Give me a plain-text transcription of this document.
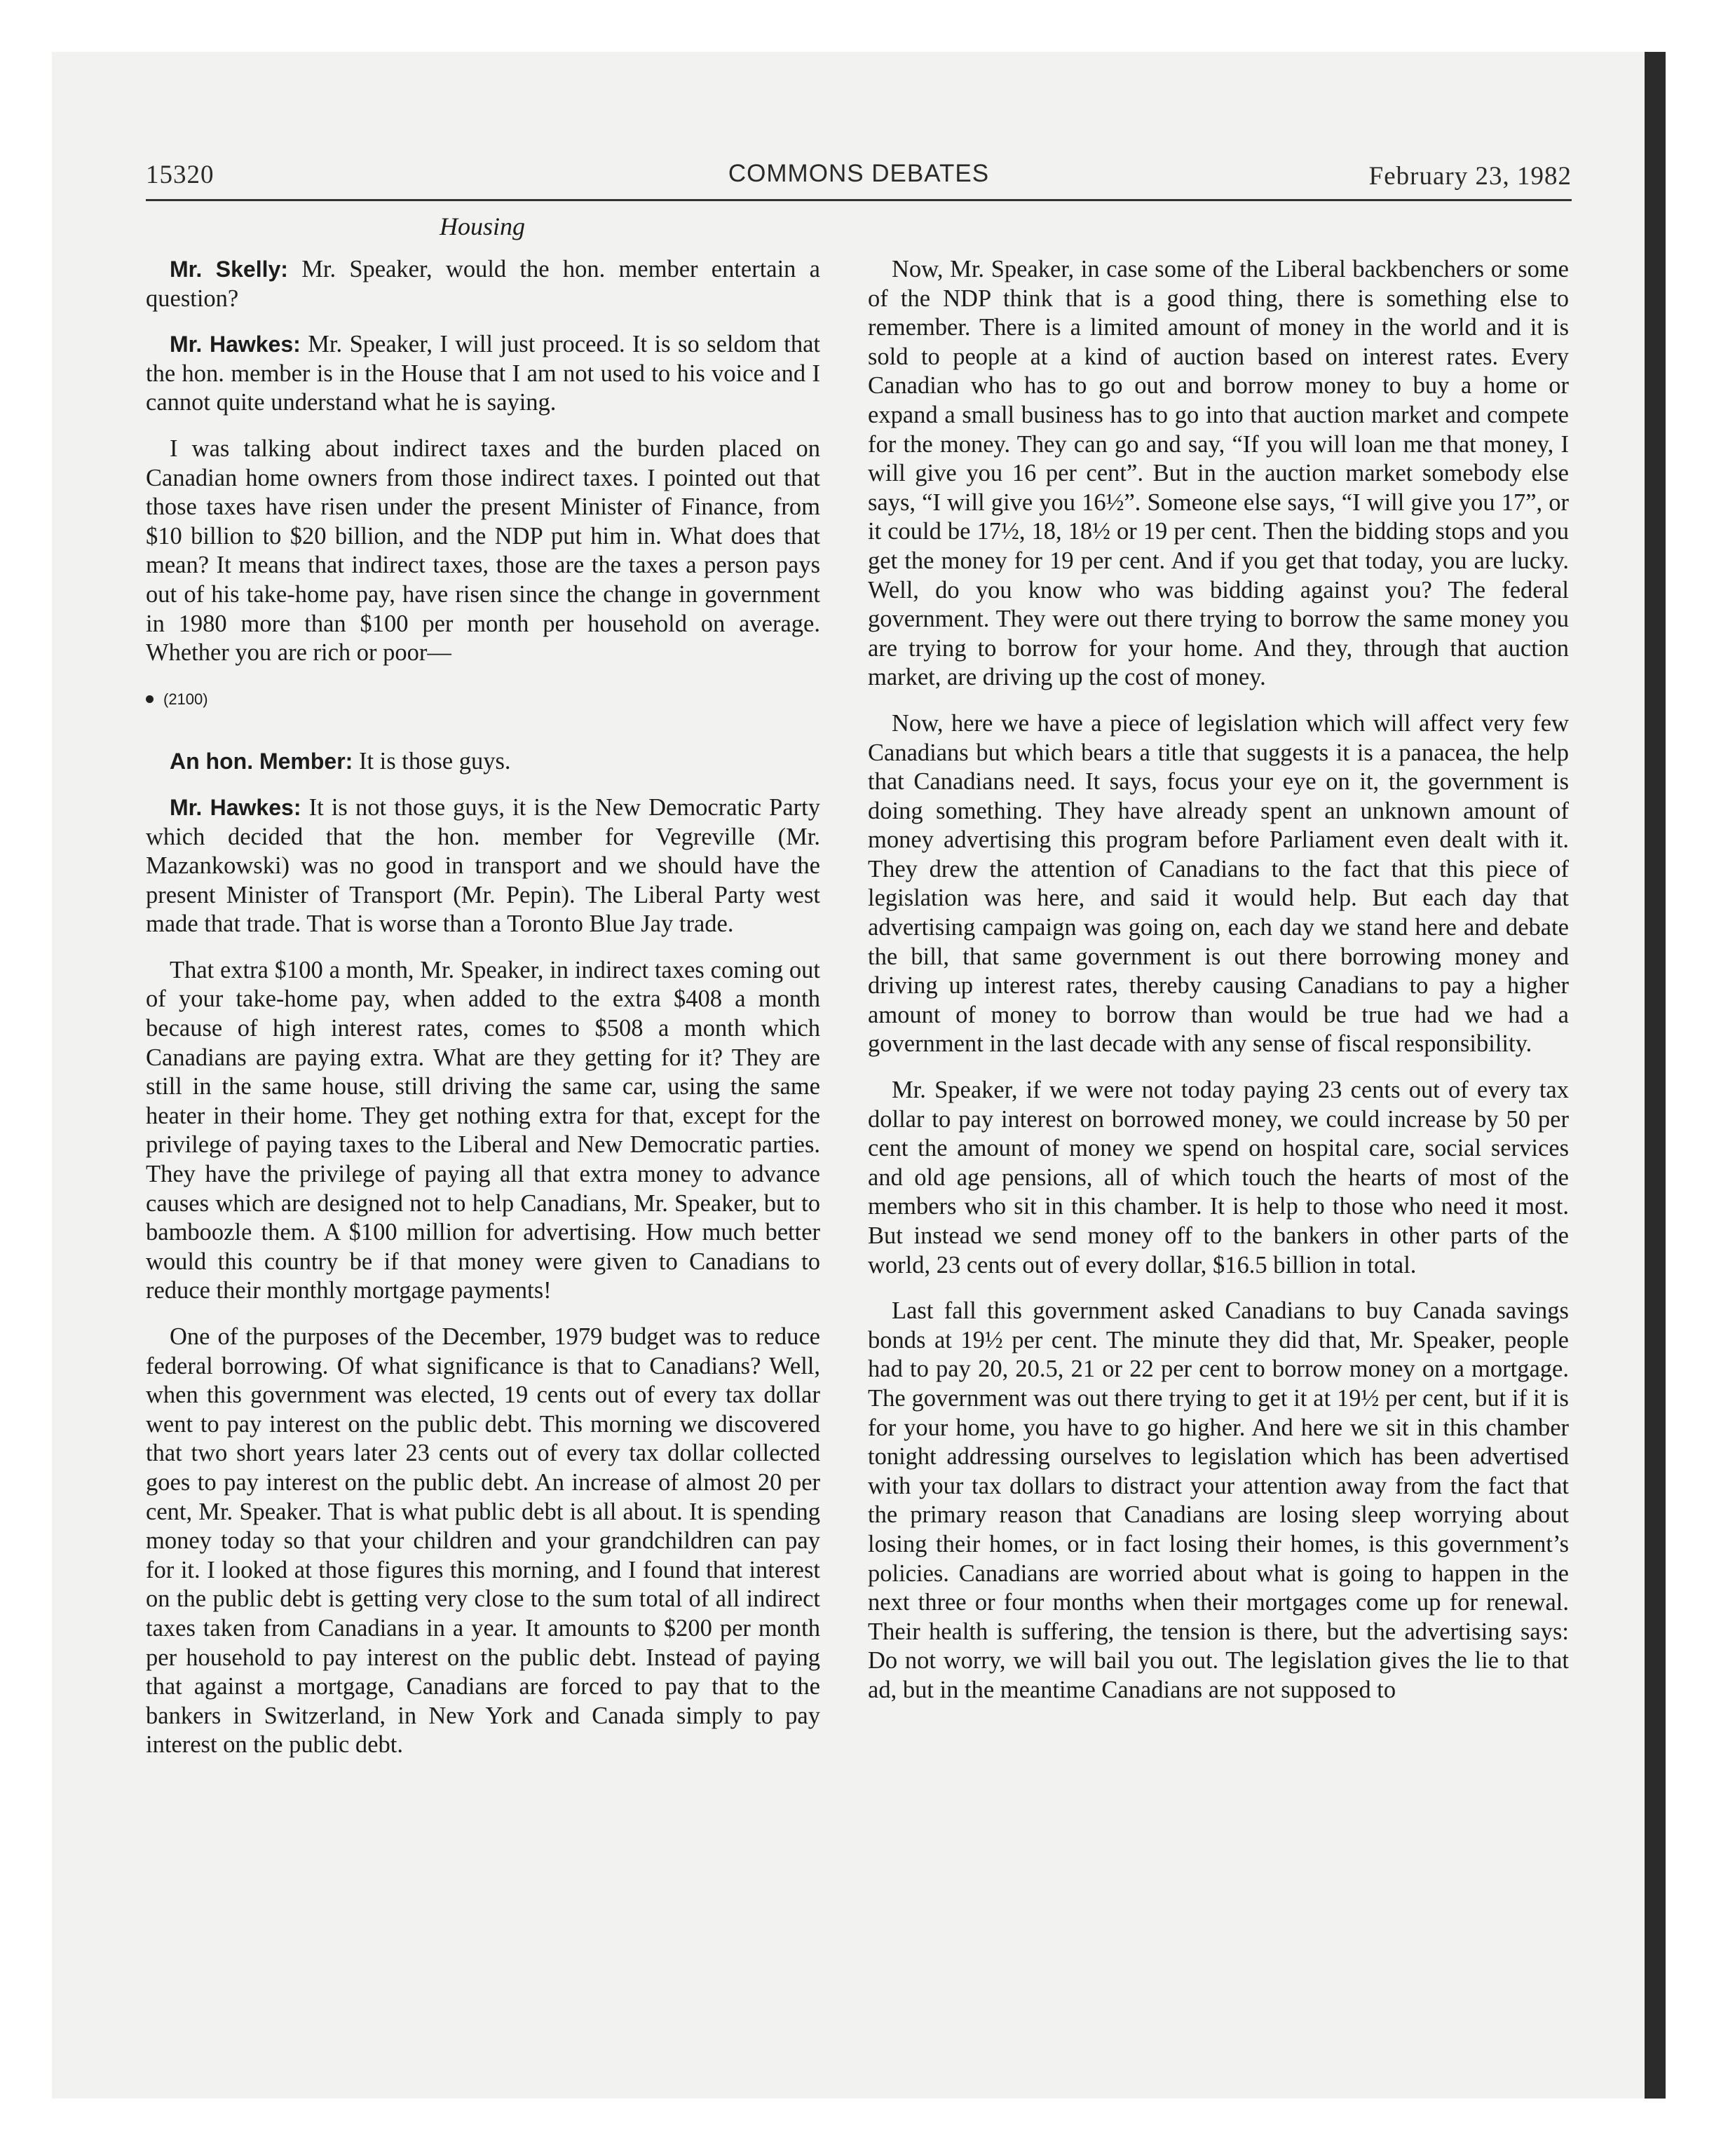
15320	COMMONS DEBATES	February 23, 1982
Housing

Mr. Skelly: Mr. Speaker, would the hon. member entertain a question?

Mr. Hawkes: Mr. Speaker, I will just proceed. It is so seldom that the hon. member is in the House that I am not used to his voice and I cannot quite understand what he is saying.

I was talking about indirect taxes and the burden placed on Canadian home owners from those indirect taxes. I pointed out that those taxes have risen under the present Minister of Finance, from $10 billion to $20 billion, and the NDP put him in. What does that mean? It means that indirect taxes, those are the taxes a person pays out of his take-home pay, have risen since the change in government in 1980 more than $100 per month per household on average. Whether you are rich or poor—

(2100)

An hon. Member: It is those guys.

Mr. Hawkes: It is not those guys, it is the New Democratic Party which decided that the hon. member for Vegreville (Mr. Mazankowski) was no good in transport and we should have the present Minister of Transport (Mr. Pepin). The Liberal Party west made that trade. That is worse than a Toronto Blue Jay trade.

That extra $100 a month, Mr. Speaker, in indirect taxes coming out of your take-home pay, when added to the extra $408 a month because of high interest rates, comes to $508 a month which Canadians are paying extra. What are they getting for it? They are still in the same house, still driving the same car, using the same heater in their home. They get nothing extra for that, except for the privilege of paying taxes to the Liberal and New Democratic parties. They have the privilege of paying all that extra money to advance causes which are designed not to help Canadians, Mr. Speaker, but to bamboozle them. A $100 million for advertising. How much better would this country be if that money were given to Canadians to reduce their monthly mortgage payments!

One of the purposes of the December, 1979 budget was to reduce federal borrowing. Of what significance is that to Canadians? Well, when this government was elected, 19 cents out of every tax dollar went to pay interest on the public debt. This morning we discovered that two short years later 23 cents out of every tax dollar collected goes to pay interest on the public debt. An increase of almost 20 per cent, Mr. Speaker. That is what public debt is all about. It is spending money today so that your children and your grandchildren can pay for it. I looked at those figures this morning, and I found that interest on the public debt is getting very close to the sum total of all indirect taxes taken from Canadians in a year. It amounts to $200 per month per household to pay interest on the public debt. Instead of paying that against a mortgage, Canadians are forced to pay that to the bankers in Switzerland, in New York and Canada simply to pay interest on the public debt.

Now, Mr. Speaker, in case some of the Liberal backbenchers or some of the NDP think that is a good thing, there is something else to remember. There is a limited amount of money in the world and it is sold to people at a kind of auction based on interest rates. Every Canadian who has to go out and borrow money to buy a home or expand a small business has to go into that auction market and compete for the money. They can go and say, “If you will loan me that money, I will give you 16 per cent”. But in the auction market somebody else says, “I will give you 16½”. Someone else says, “I will give you 17”, or it could be 17½, 18, 18½ or 19 per cent. Then the bidding stops and you get the money for 19 per cent. And if you get that today, you are lucky. Well, do you know who was bidding against you? The federal government. They were out there trying to borrow the same money you are trying to borrow for your home. And they, through that auction market, are driving up the cost of money.

Now, here we have a piece of legislation which will affect very few Canadians but which bears a title that suggests it is a panacea, the help that Canadians need. It says, focus your eye on it, the government is doing something. They have already spent an unknown amount of money advertising this program before Parliament even dealt with it. They drew the attention of Canadians to the fact that this piece of legislation was here, and said it would help. But each day that advertising campaign was going on, each day we stand here and debate the bill, that same government is out there borrowing money and driving up interest rates, thereby causing Canadians to pay a higher amount of money to borrow than would be true had we had a government in the last decade with any sense of fiscal responsibility.

Mr. Speaker, if we were not today paying 23 cents out of every tax dollar to pay interest on borrowed money, we could increase by 50 per cent the amount of money we spend on hospital care, social services and old age pensions, all of which touch the hearts of most of the members who sit in this chamber. It is help to those who need it most. But instead we send money off to the bankers in other parts of the world, 23 cents out of every dollar, $16.5 billion in total.

Last fall this government asked Canadians to buy Canada savings bonds at 19½ per cent. The minute they did that, Mr. Speaker, people had to pay 20, 20.5, 21 or 22 per cent to borrow money on a mortgage. The government was out there trying to get it at 19½ per cent, but if it is for your home, you have to go higher. And here we sit in this chamber tonight addressing ourselves to legislation which has been advertised with your tax dollars to distract your attention away from the fact that the primary reason that Canadians are losing sleep worrying about losing their homes, or in fact losing their homes, is this government’s policies. Canadians are worried about what is going to happen in the next three or four months when their mortgages come up for renewal. Their health is suffering, the tension is there, but the advertising says: Do not worry, we will bail you out. The legislation gives the lie to that ad, but in the meantime Canadians are not supposed to
